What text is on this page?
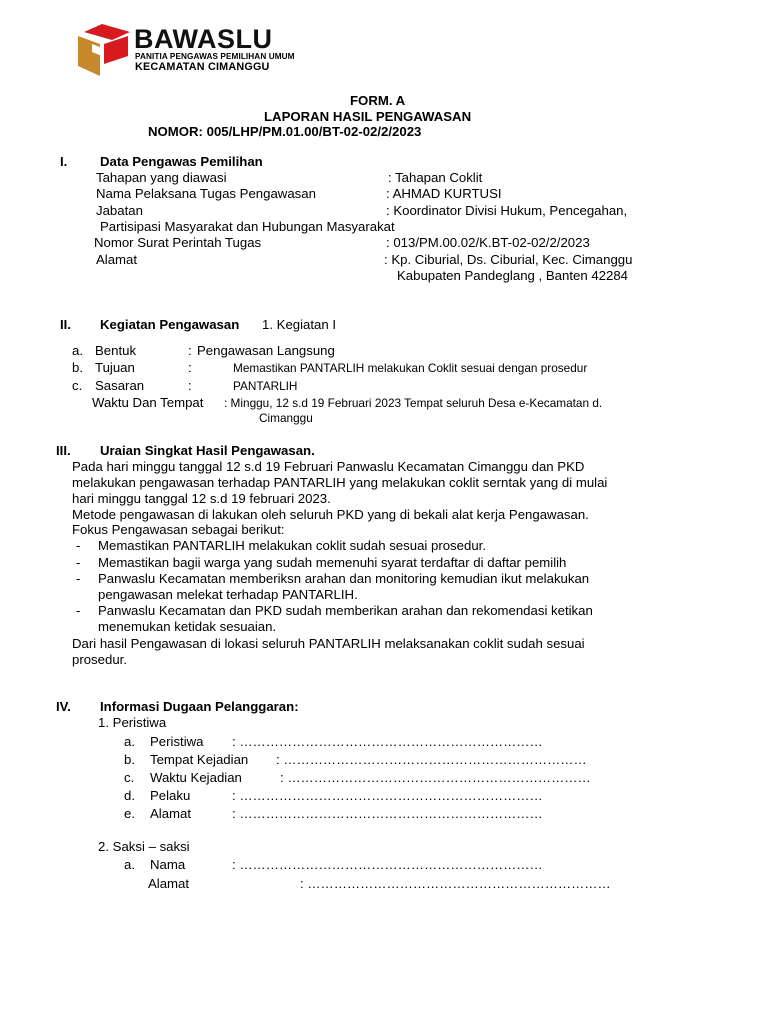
BAWASLU
PANITIA PENGAWAS PEMILIHAN UMUM
KECAMATAN CIMANGGU
FORM. A
LAPORAN HASIL PENGAWASAN
NOMOR: 005/LHP/PM.01.00/BT-02-02/2/2023
I. Data Pengawas Pemilihan
Tahapan yang diawasi	: Tahapan Coklit
Nama Pelaksana Tugas Pengawasan	: AHMAD KURTUSI
Jabatan	: Koordinator Divisi Hukum, Pencegahan,
Partisipasi Masyarakat dan Hubungan Masyarakat
Nomor Surat Perintah Tugas	: 013/PM.00.02/K.BT-02-02/2/2023
Alamat	: Kp. Ciburial, Ds. Ciburial, Kec. Cimanggu
Kabupaten Pandeglang , Banten 42284
II. Kegiatan Pengawasan 1. Kegiatan I
a. Bentuk	: Pengawasan Langsung
b. Tujuan	:	Memastikan PANTARLIH melakukan Coklit sesuai dengan prosedur
c. Sasaran	:	PANTARLIH
Waktu Dan Tempat : Minggu, 12 s.d 19 Februari 2023 Tempat seluruh Desa e-Kecamatan d.
Cimanggu
III. Uraian Singkat Hasil Pengawasan.
Pada hari minggu tanggal 12 s.d 19 Februari Panwaslu Kecamatan Cimanggu dan PKD
melakukan pengawasan terhadap PANTARLIH yang melakukan coklit serntak yang di mulai
hari minggu tanggal 12 s.d 19 februari 2023.
Metode pengawasan di lakukan oleh seluruh PKD yang di bekali alat kerja Pengawasan.
Fokus Pengawasan sebagai berikut:
- Memastikan PANTARLIH melakukan coklit sudah sesuai prosedur.
- Memastikan bagii warga yang sudah memenuhi syarat terdaftar di daftar pemilih
- Panwaslu Kecamatan memberiksn arahan dan monitoring kemudian ikut melakukan
pengawasan melekat terhadap PANTARLIH.
- Panwaslu Kecamatan dan PKD sudah memberikan arahan dan rekomendasi ketikan
menemukan ketidak sesuaian.
Dari hasil Pengawasan di lokasi seluruh PANTARLIH melaksanakan coklit sudah sesuai
prosedur.
IV. Informasi Dugaan Pelanggaran:
1. Peristiwa
a. Peristiwa : ……………………………………………………………
b. Tempat Kejadian : ……………………………………………………………
c. Waktu Kejadian	: ……………………………………………………………
d. Pelaku	: ……………………………………………………………
e. Alamat	: ……………………………………………………………
2. Saksi – saksi
a. Nama	: ……………………………………………………………
Alamat	: ……………………………………………………………
